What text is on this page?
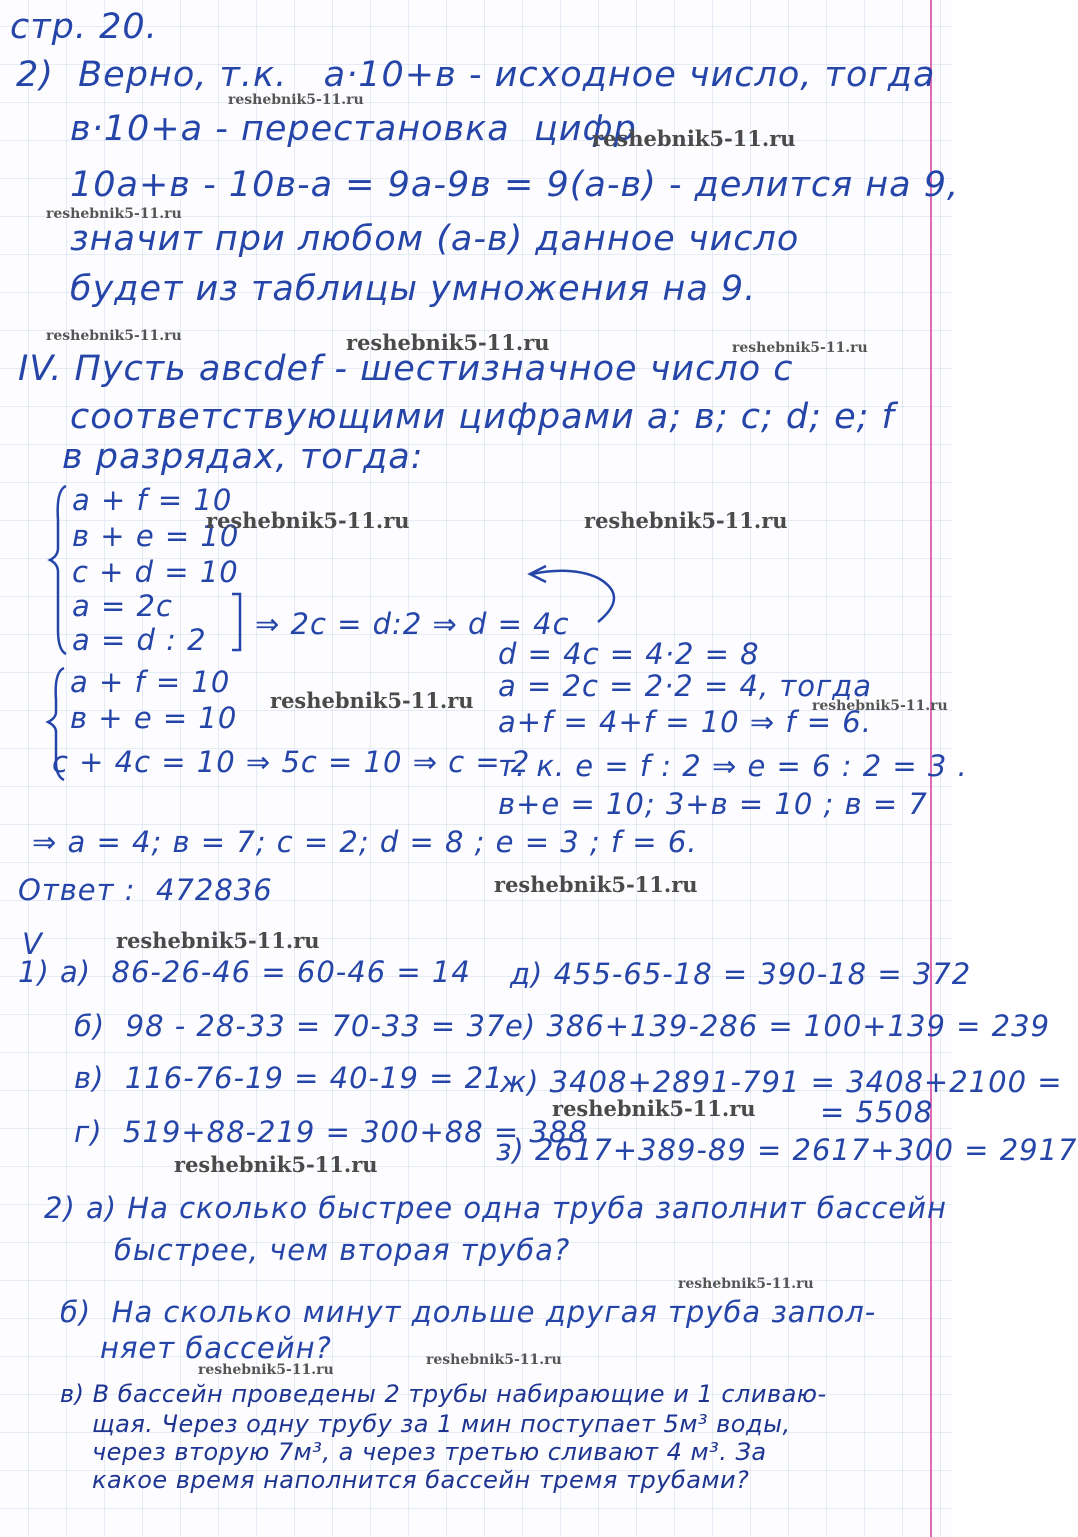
стр. 20.
2)  Верно, т.к.   a·10+в - исходное число, тогда
в·10+a - перестановка  цифр
10a+в - 10в-a = 9a-9в = 9(a-в) - делится на 9,
значит при любом (a-в) данное число
будет из таблицы умножения на 9.
IV. Пусть авcdef - шестизначное число с
соответствующими цифрами a; в; c; d; e; f
в разрядах, тогда:
a + f = 10
в + e = 10
c + d = 10
a = 2c
a = d : 2 ⇒ 2c = d:2 ⇒ d = 4c
d = 4c = 4·2 = 8
a = 2c = 2·2 = 4, тогда
a+f = 4+f = 10 ⇒ f = 6.
т. к. e = f : 2 ⇒ e = 6 : 2 = 3 .
в+e = 10; 3+в = 10 ; в = 7
a + f = 10
в + e = 10
c + 4c = 10 ⇒ 5c = 10 ⇒ c = 2
⇒ a = 4; в = 7; c = 2; d = 8 ; e = 3 ; f = 6.
Ответ :  472836
V
1) а)  86-26-46 = 60-46 = 14
б)  98 - 28-33 = 70-33 = 37
в)  116-76-19 = 40-19 = 21
г)  519+88-219 = 300+88 = 388
д) 455-65-18 = 390-18 = 372
е) 386+139-286 = 100+139 = 239
ж) 3408+2891-791 = 3408+2100 =
= 5508
з) 2617+389-89 = 2617+300 = 2917
2) а) На сколько быстрее одна труба заполнит бассейн
быстрее, чем вторая труба?
б)  На сколько минут дольше другая труба запол-
няет бассейн?
в) В бассейн проведены 2 трубы набирающие и 1 сливаю-
щая. Через одну трубу за 1 мин поступает 5м³ воды,
через вторую 7м³, а через третью сливают 4 м³. За
какое время наполнится бассейн тремя трубами?
reshebnik5-11.ru
reshebnik5-11.ru
reshebnik5-11.ru
reshebnik5-11.ru	reshebnik5-11.ru	reshebnik5-11.ru
reshebnik5-11.ru	reshebnik5-11.ru
reshebnik5-11.ru	reshebnik5-11.ru
reshebnik5-11.ru
reshebnik5-11.ru
reshebnik5-11.ru
reshebnik5-11.ru
reshebnik5-11.ru
reshebnik5-11.ru
reshebnik5-11.ru
